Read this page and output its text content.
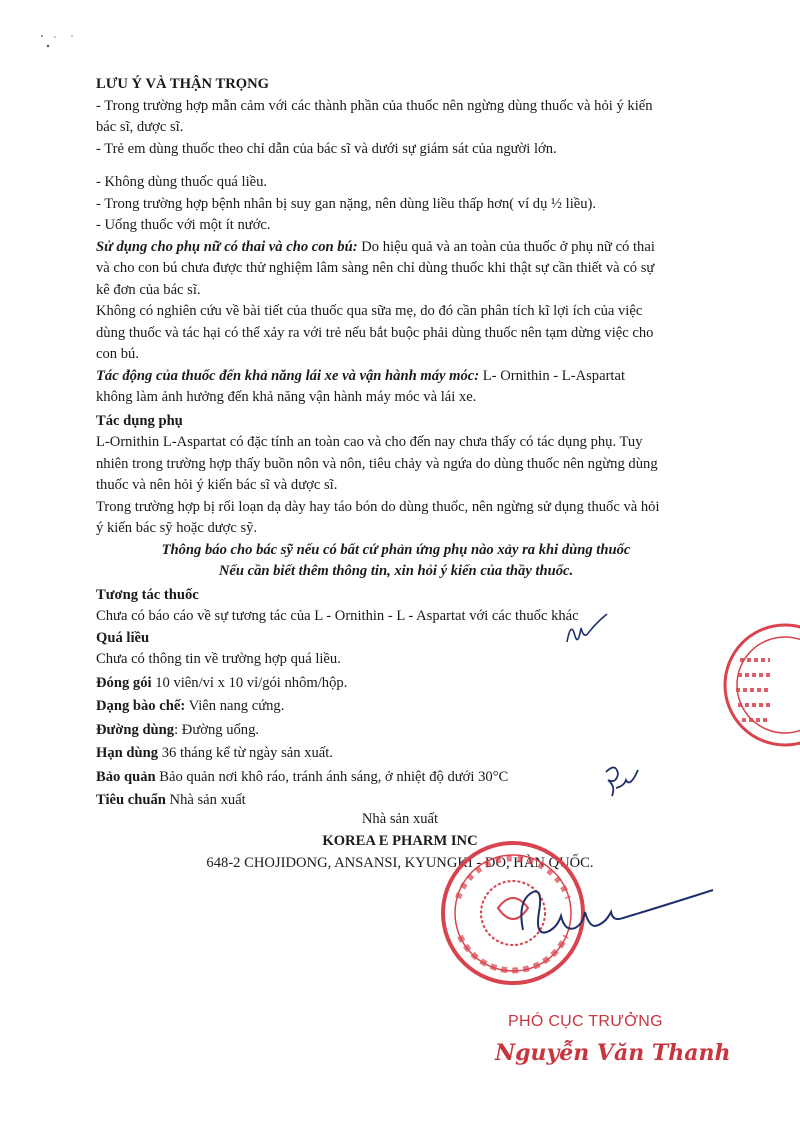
LƯU Ý VÀ THẬN TRỌNG

- Trong trường hợp mẫn cảm với các thành phần của thuốc nên ngừng dùng thuốc và hỏi ý kiến

bác sĩ, dược sĩ.

- Trẻ em dùng thuốc theo chỉ dẫn của bác sĩ và dưới sự giám sát của người lớn.

- Không dùng thuốc quá liều.

- Trong trường hợp bệnh nhân bị suy gan nặng, nên dùng liều thấp hơn( ví dụ ½ liều).

- Uống thuốc với một ít nước.

Sử dụng cho phụ nữ có thai và cho con bú: Do hiệu quả và an toàn của thuốc ở phụ nữ có thai

và cho con bú chưa được thử nghiệm lâm sàng nên chỉ dùng thuốc khi thật sự cần thiết và có sự

kê đơn của bác sĩ.

Không có nghiên cứu về bài tiết của thuốc qua sữa mẹ, do đó cần phân tích kĩ lợi ích của việc

dùng thuốc và tác hại có thể xảy ra với trẻ nếu bắt buộc phải dùng thuốc nên tạm dừng việc cho

con bú.

Tác động của thuốc đến khả năng lái xe và vận hành máy móc: L- Ornithin - L-Aspartat

không làm ảnh hưởng đến khả năng vận hành máy móc và lái xe.

Tác dụng phụ

L-Ornithin L-Aspartat có đặc tính an toàn cao và cho đến nay chưa thấy có tác dụng phụ. Tuy

nhiên trong trường hợp thấy buồn nôn và nôn, tiêu chảy và ngứa do dùng thuốc nên ngừng dùng

thuốc và nên hỏi ý kiến bác sĩ và dược sĩ.

Trong trường hợp bị rối loạn dạ dày hay táo bón do dùng thuốc, nên ngừng sử dụng thuốc và hỏi

ý kiến bác sỹ hoặc dược sỹ.

Thông báo cho bác sỹ nếu có bất cứ phản ứng phụ nào xảy ra khi dùng thuốc

Nếu cần biết thêm thông tin, xin hỏi ý kiến của thầy thuốc.

Tương tác thuốc

Chưa có báo cáo về sự tương tác của L - Ornithin - L - Aspartat với các thuốc khác

Quá liều

Chưa có thông tin về trường hợp quá liều.

Đóng gói 10 viên/vỉ x 10 vỉ/gói nhôm/hộp.

Dạng bào chế: Viên nang cứng.

Đường dùng: Đường uống.

Hạn dùng 36 tháng kể từ ngày sản xuất.

Bảo quản Bảo quản nơi khô ráo, tránh ánh sáng, ở nhiệt độ dưới 30°C

Tiêu chuẩn Nhà sản xuất

Nhà sản xuất

KOREA E PHARM INC

648-2 CHOJIDONG, ANSANSI, KYUNGKI - DO, HÀN QUỐC.

PHÓ CỤC TRƯỞNG
Nguyễn Văn Thanh
